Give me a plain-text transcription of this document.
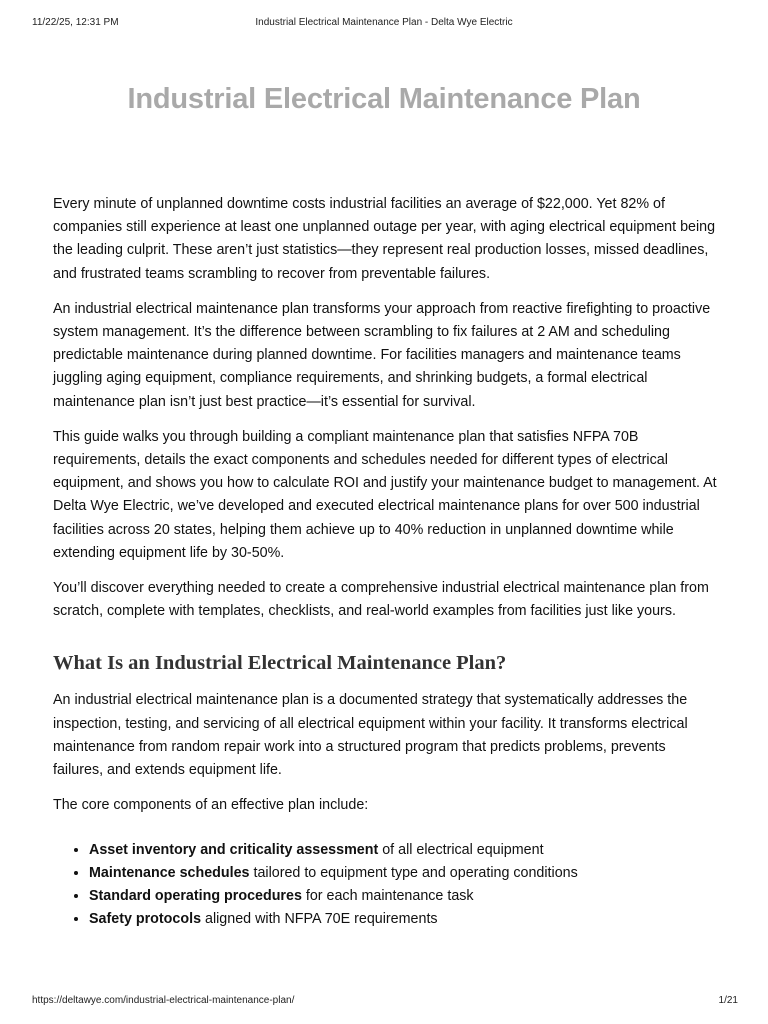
11/22/25, 12:31 PM	Industrial Electrical Maintenance Plan - Delta Wye Electric
Industrial Electrical Maintenance Plan

Every minute of unplanned downtime costs industrial facilities an average of $22,000. Yet 82% of companies still experience at least one unplanned outage per year, with aging electrical equipment being the leading culprit. These aren’t just statistics—they represent real production losses, missed deadlines, and frustrated teams scrambling to recover from preventable failures.

An industrial electrical maintenance plan transforms your approach from reactive firefighting to proactive system management. It’s the difference between scrambling to fix failures at 2 AM and scheduling predictable maintenance during planned downtime. For facilities managers and maintenance teams juggling aging equipment, compliance requirements, and shrinking budgets, a formal electrical maintenance plan isn’t just best practice—it’s essential for survival.

This guide walks you through building a compliant maintenance plan that satisfies NFPA 70B requirements, details the exact components and schedules needed for different types of electrical equipment, and shows you how to calculate ROI and justify your maintenance budget to management. At Delta Wye Electric, we’ve developed and executed electrical maintenance plans for over 500 industrial facilities across 20 states, helping them achieve up to 40% reduction in unplanned downtime while extending equipment life by 30-50%.

You’ll discover everything needed to create a comprehensive industrial electrical maintenance plan from scratch, complete with templates, checklists, and real-world examples from facilities just like yours.

What Is an Industrial Electrical Maintenance Plan?

An industrial electrical maintenance plan is a documented strategy that systematically addresses the inspection, testing, and servicing of all electrical equipment within your facility. It transforms electrical maintenance from random repair work into a structured program that predicts problems, prevents failures, and extends equipment life.

The core components of an effective plan include:

• Asset inventory and criticality assessment of all electrical equipment
• Maintenance schedules tailored to equipment type and operating conditions
• Standard operating procedures for each maintenance task
• Safety protocols aligned with NFPA 70E requirements
https://deltawye.com/industrial-electrical-maintenance-plan/	1/21
